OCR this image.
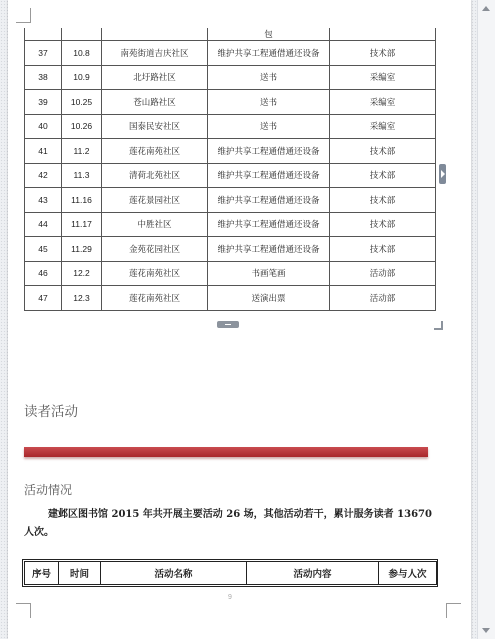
			包	
37	10.8	南苑街道吉庆社区	维护共享工程通借通还设备	技术部
38	10.9	北圩路社区	送书	采编室
39	10.25	苍山路社区	送书	采编室
40	10.26	国泰民安社区	送书	采编室
41	11.2	莲花南苑社区	维护共享工程通借通还设备	技术部
42	11.3	清荷北苑社区	维护共享工程通借通还设备	技术部
43	11.16	莲花景园社区	维护共享工程通借通还设备	技术部
44	11.17	中胜社区	维护共享工程通借通还设备	技术部
45	11.29	金苑花园社区	维护共享工程通借通还设备	技术部
46	12.2	莲花南苑社区	书画笔画	活动部
47	12.3	莲花南苑社区	送演出票	活动部
读者活动
活动情况
建邺区图书馆 2015 年共开展主要活动 26 场，其他活动若干，累计服务读者 13670 人次。
序号	时间	活动名称	活动内容	参与人次
9
